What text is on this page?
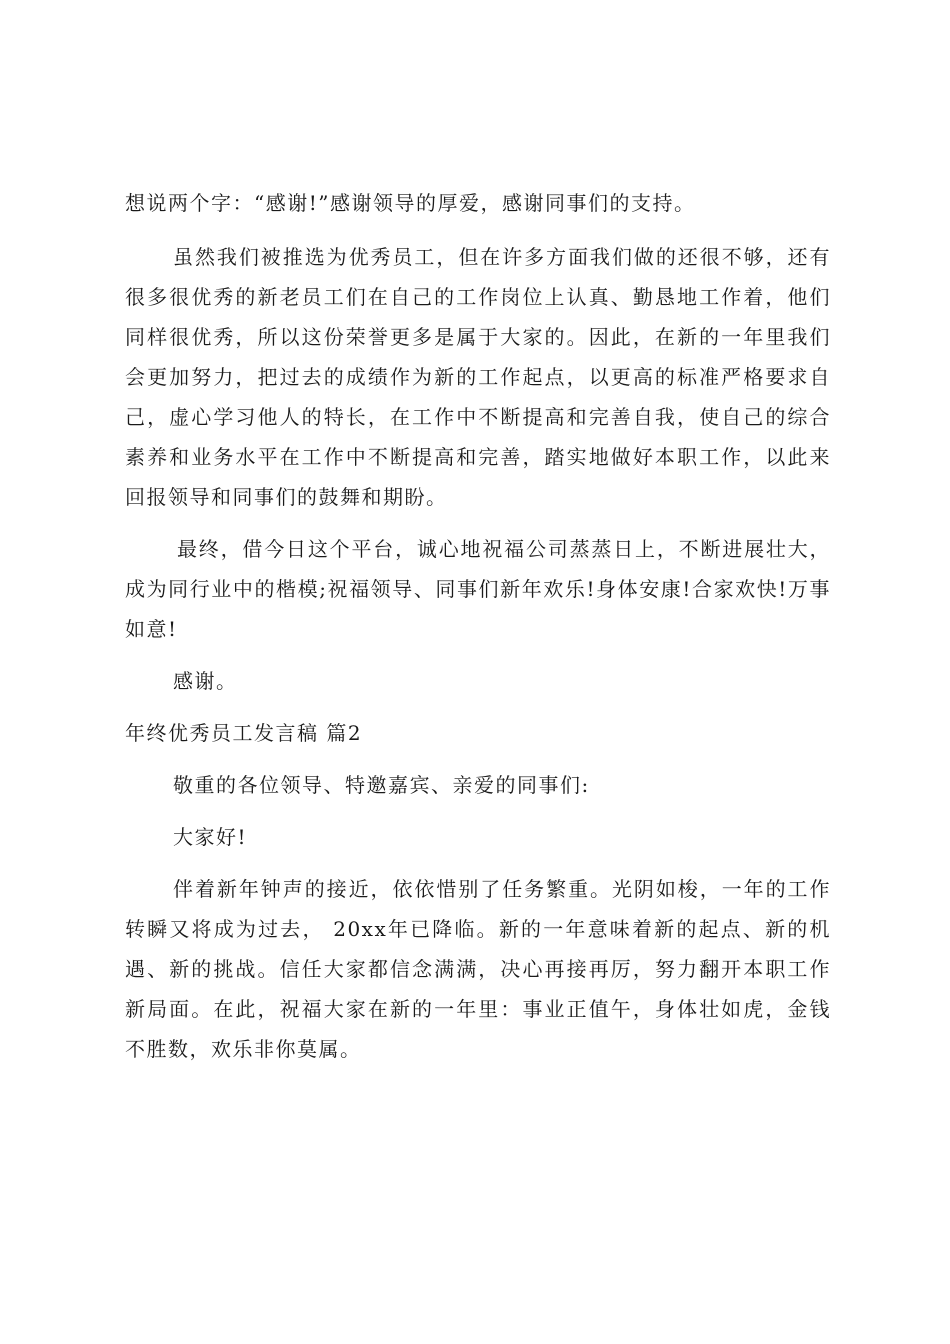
想说两个字：“感谢!”感谢领导的厚爱，感谢同事们的支持。

虽然我们被推选为优秀员工，但在许多方面我们做的还很不够，还有很多很优秀的新老员工们在自己的工作岗位上认真、勤恳地工作着，他们同样很优秀，所以这份荣誉更多是属于大家的。因此，在新的一年里我们会更加努力，把过去的成绩作为新的工作起点，以更高的标准严格要求自己，虚心学习他人的特长，在工作中不断提高和完善自我，使自己的综合素养和业务水平在工作中不断提高和完善，踏实地做好本职工作，以此来回报领导和同事们的鼓舞和期盼。

最终，借今日这个平台，诚心地祝福公司蒸蒸日上，不断进展壮大，成为同行业中的楷模;祝福领导、同事们新年欢乐!身体安康!合家欢快!万事如意!

感谢。

年终优秀员工发言稿 篇2

敬重的各位领导、特邀嘉宾、亲爱的同事们:

大家好!

伴着新年钟声的接近，依依惜别了任务繁重。光阴如梭，一年的工作转瞬又将成为过去， 20xx年已降临。新的一年意味着新的起点、新的机遇、新的挑战。信任大家都信念满满，决心再接再厉，努力翻开本职工作新局面。在此，祝福大家在新的一年里：事业正值午，身体壮如虎，金钱不胜数，欢乐非你莫属。
